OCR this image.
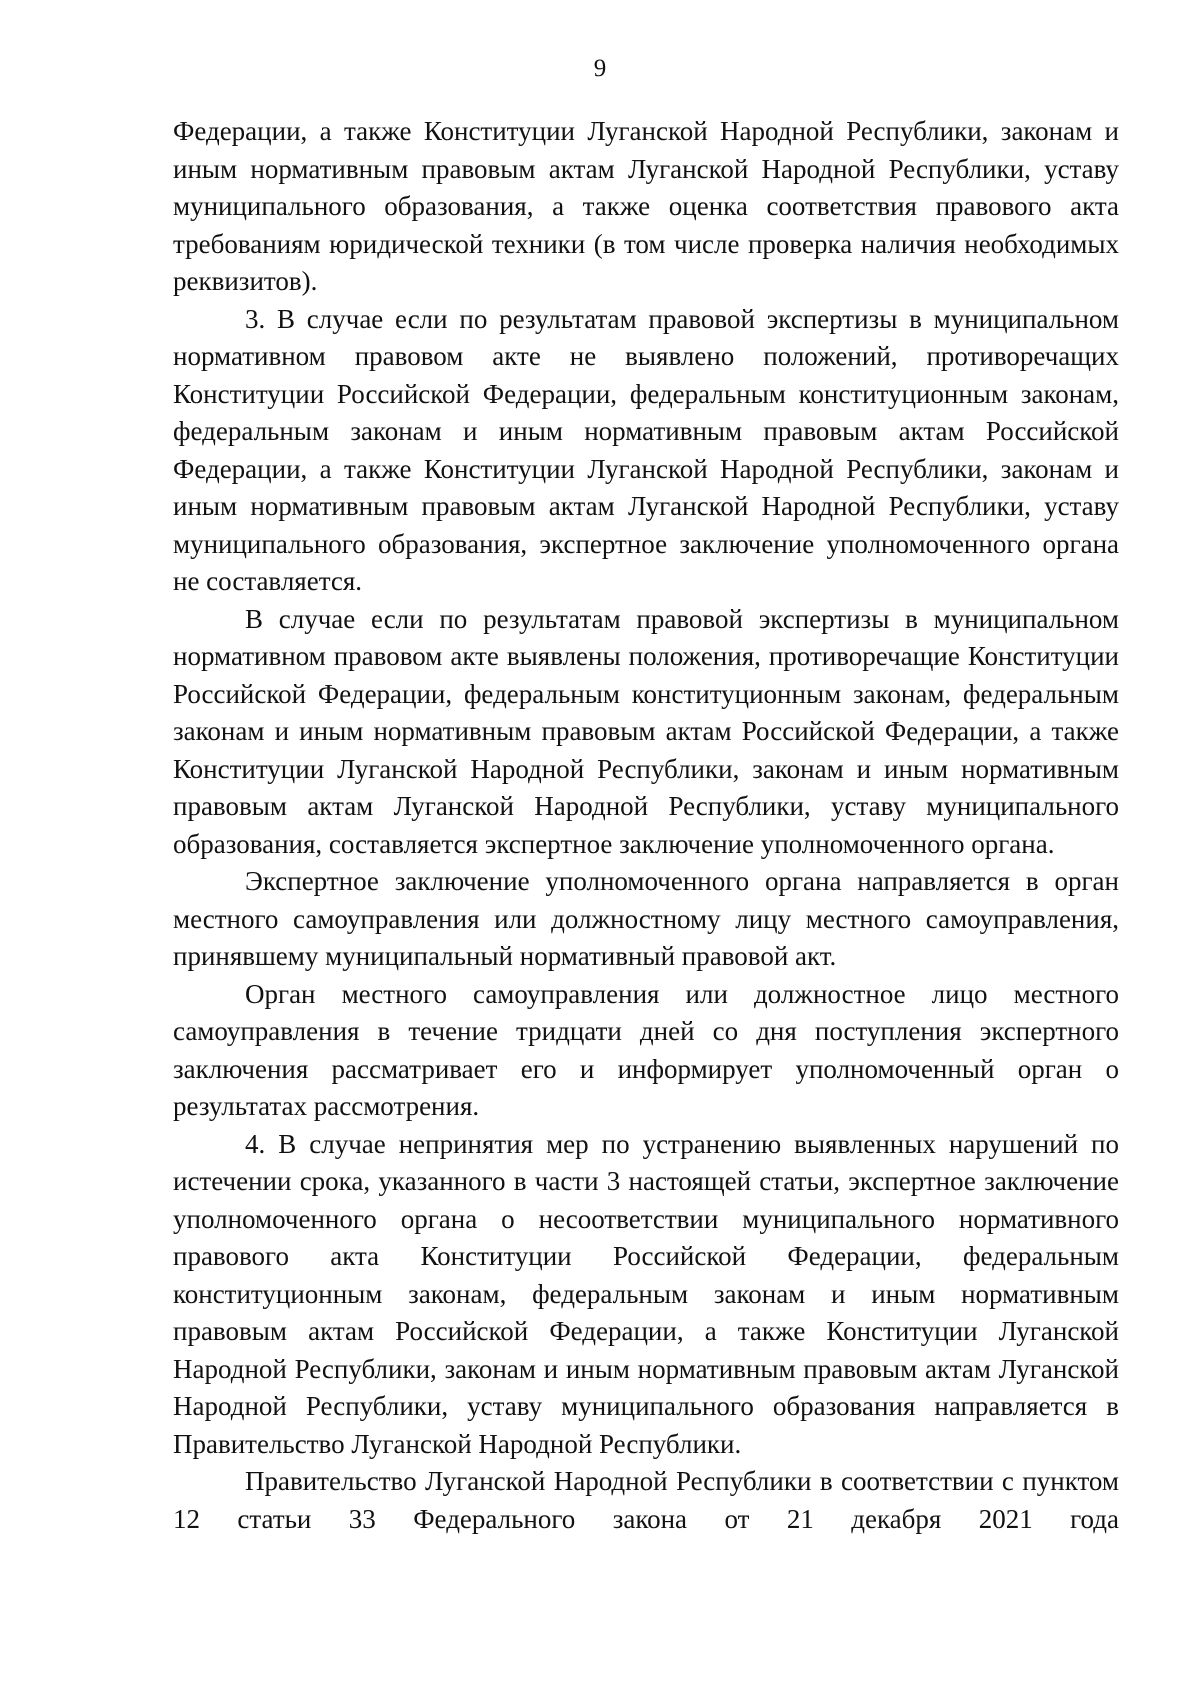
9

Федерации, а также Конституции Луганской Народной Республики, законам и иным нормативным правовым актам Луганской Народной Республики, уставу муниципального образования, а также оценка соответствия правового акта требованиям юридической техники (в том числе проверка наличия необходимых реквизитов).

3. В случае если по результатам правовой экспертизы в муниципальном нормативном правовом акте не выявлено положений, противоречащих Конституции Российской Федерации, федеральным конституционным законам, федеральным законам и иным нормативным правовым актам Российской Федерации, а также Конституции Луганской Народной Республики, законам и иным нормативным правовым актам Луганской Народной Республики, уставу муниципального образования, экспертное заключение уполномоченного органа не составляется.

В случае если по результатам правовой экспертизы в муниципальном нормативном правовом акте выявлены положения, противоречащие Конституции Российской Федерации, федеральным конституционным законам, федеральным законам и иным нормативным правовым актам Российской Федерации, а также Конституции Луганской Народной Республики, законам и иным нормативным правовым актам Луганской Народной Республики, уставу муниципального образования, составляется экспертное заключение уполномоченного органа.

Экспертное заключение уполномоченного органа направляется в орган местного самоуправления или должностному лицу местного самоуправления, принявшему муниципальный нормативный правовой акт.

Орган местного самоуправления или должностное лицо местного самоуправления в течение тридцати дней со дня поступления экспертного заключения рассматривает его и информирует уполномоченный орган о результатах рассмотрения.

4. В случае непринятия мер по устранению выявленных нарушений по истечении срока, указанного в части 3 настоящей статьи, экспертное заключение уполномоченного органа о несоответствии муниципального нормативного правового акта Конституции Российской Федерации, федеральным конституционным законам, федеральным законам и иным нормативным правовым актам Российской Федерации, а также Конституции Луганской Народной Республики, законам и иным нормативным правовым актам Луганской Народной Республики, уставу муниципального образования направляется в Правительство Луганской Народной Республики.

Правительство Луганской Народной Республики в соответствии с пунктом 12 статьи 33 Федерального закона от 21 декабря 2021 года
